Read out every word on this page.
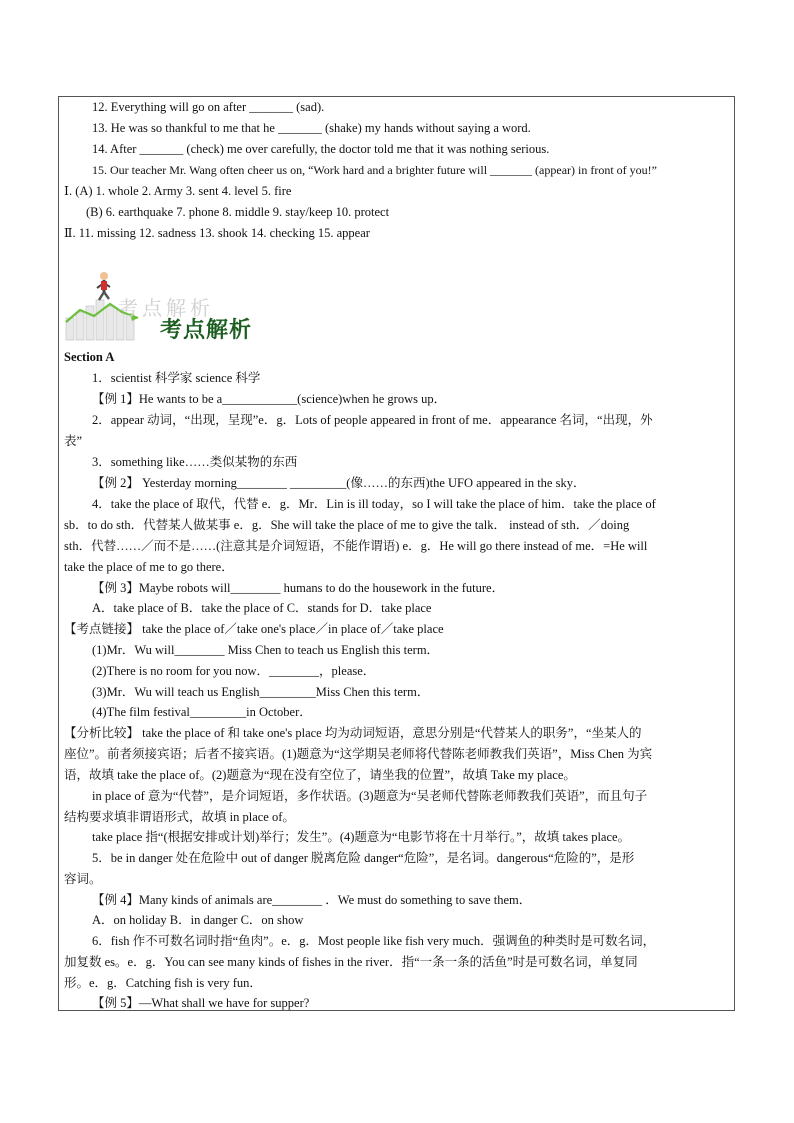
考点解析
考点解析
12. Everything will go on after _______ (sad).
13. He was so thankful to me that he _______ (shake) my hands without saying a word.
14. After _______ (check) me over carefully, the doctor told me that it was nothing serious.
15. Our teacher Mr. Wang often cheer us on, “Work hard and a brighter future will _______ (appear) in front of you!”
Ⅰ. (A) 1. whole 2. Army 3. sent 4. level 5. fire
(B) 6. earthquake 7. phone 8. middle 9. stay/keep 10. protect
Ⅱ. 11. missing 12. sadness 13. shook 14. checking 15. appear
Section A
1．scientist 科学家 science 科学
【例 1】He wants to be a____________(science)when he grows up．
2．appear 动词，“出现，呈现”e．g．Lots of people appeared in front of me．appearance 名词，“出现，外
表”
3．something like……类似某物的东西
【例 2】 Yesterday morning________ _________(像……的东西)the UFO appeared in the sky．
4．take the place of 取代，代替 e．g．Mr．Lin is ill today，so I will take the place of him．take the place of
sb．to do sth．代替某人做某事 e．g．She will take the place of me to give the talk． instead of sth．／doing
sth．代替……／而不是……(注意其是介词短语，不能作谓语) e．g．He will go there instead of me．=He will
take the place of me to go there．
【例 3】Maybe robots will________ humans to do the housework in the future．
A．take place of B．take the place of C．stands for D．take place
【考点链接】 take the place of／take one's place／in place of／take place
(1)Mr．Wu will________ Miss Chen to teach us English this term．
(2)There is no room for you now．________，please．
(3)Mr．Wu will teach us English_________Miss Chen this term．
(4)The film festival_________in October．
【分析比较】 take the place of 和 take one's place 均为动词短语，意思分别是“代替某人的职务”，“坐某人的
座位”。前者须接宾语；后者不接宾语。(1)题意为“这学期吴老师将代替陈老师教我们英语”，Miss Chen 为宾
语，故填 take the place of。(2)题意为“现在没有空位了，请坐我的位置”，故填 Take my place。
in place of 意为“代替”，是介词短语，多作状语。(3)题意为“吴老师代替陈老师教我们英语”，而且句子
结构要求填非谓语形式，故填 in place of。
take place 指“(根据安排或计划)举行；发生”。(4)题意为“电影节将在十月举行。”，故填 takes place。
5．be in danger 处在危险中 out of danger 脱离危险 danger“危险”，是名词。dangerous“危险的”，是形
容词。
【例 4】Many kinds of animals are________ ．We must do something to save them．
A．on holiday B．in danger C．on show
6．fish 作不可数名词时指“鱼肉”。e．g．Most people like fish very much．强调鱼的种类时是可数名词，
加复数 es。e．g．You can see many kinds of fishes in the river．指“一条一条的活鱼”时是可数名词，单复同
形。e．g．Catching fish is very fun．
【例 5】—What shall we have for supper?
